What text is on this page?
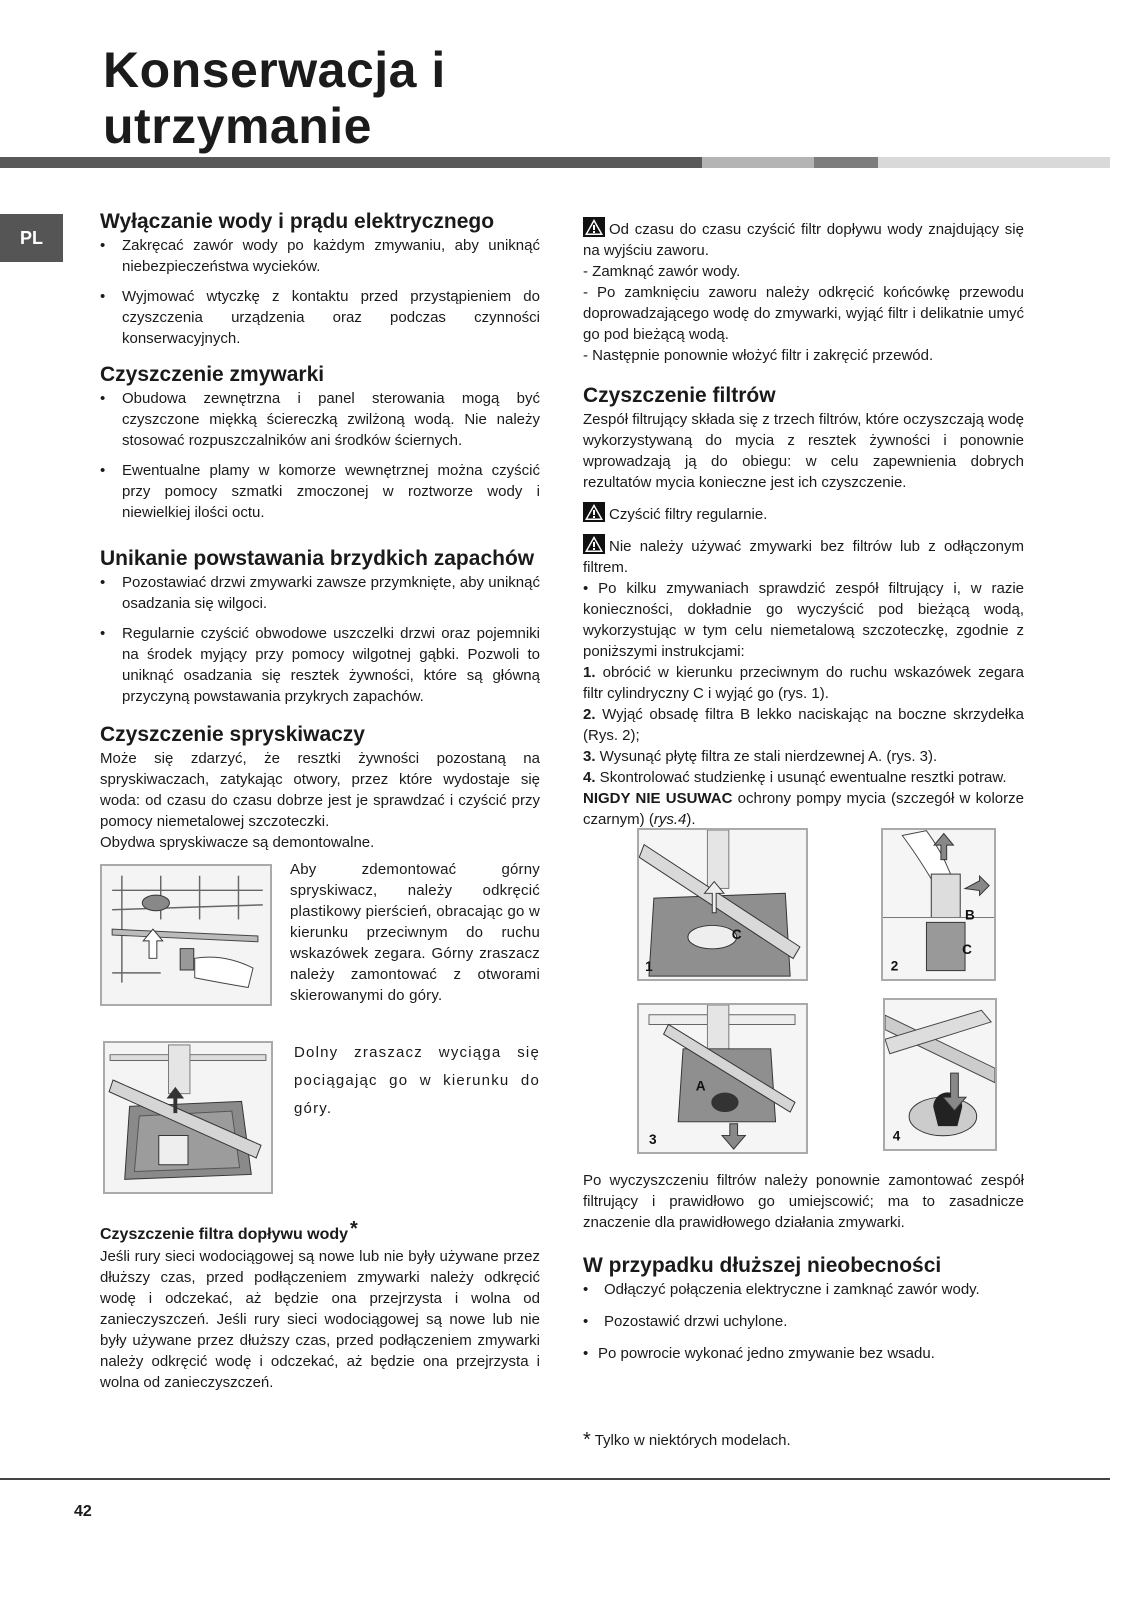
Konserwacja i
utrzymanie
PL
Wyłączanie wody i prądu elektrycznego

• Zakręcać zawór wody po każdym zmywaniu, aby uniknąć niebezpieczeństwa wycieków.

• Wyjmować wtyczkę z kontaktu przed przystąpieniem do czyszczenia urządzenia oraz podczas czynności konserwacyjnych.

Czyszczenie zmywarki

• Obudowa zewnętrzna i panel sterowania mogą być czyszczone miękką ściereczką zwilżoną wodą. Nie należy stosować rozpuszczalników ani środków ściernych.

• Ewentualne plamy w komorze wewnętrznej można czyścić przy pomocy szmatki zmoczonej w roztworze wody i niewielkiej ilości octu.

Unikanie powstawania brzydkich zapachów

• Pozostawiać drzwi zmywarki zawsze przymknięte, aby uniknąć osadzania się wilgoci.

• Regularnie czyścić obwodowe uszczelki drzwi oraz pojemniki na środek myjący przy pomocy wilgotnej gąbki. Pozwoli to uniknąć osadzania się resztek żywności, które są główną przyczyną powstawania przykrych zapachów.

Czyszczenie spryskiwaczy

Może się zdarzyć, że resztki żywności pozostaną na spryskiwaczach, zatykając otwory, przez które wydostaje się woda: od czasu do czasu dobrze jest je sprawdzać i czyścić przy pomocy niemetalowej szczoteczki.

Obydwa spryskiwacze są demontowalne.

Aby zdemontować górny spryskiwacz, należy odkręcić plastikowy pierścień, obracając go w kierunku przeciwnym do ruchu wskazówek zegara. Górny zraszacz należy zamontować z otworami skierowanymi do góry.

Dolny zraszacz wyciąga się pociągając go w kierunku do góry.

Czyszczenie filtra dopływu wody *

Jeśli rury sieci wodociągowej są nowe lub nie były używane przez dłuższy czas, przed podłączeniem zmywarki należy odkręcić wodę i odczekać, aż będzie ona przejrzysta i wolna od zanieczyszczeń. Jeśli rury sieci wodociągowej są nowe lub nie były używane przez dłuższy czas, przed podłączeniem zmywarki należy odkręcić wodę i odczekać, aż będzie ona przejrzysta i wolna od zanieczyszczeń.

Od czasu do czasu czyścić filtr dopływu wody znajdujący się na wyjściu zaworu.

- Zamknąć zawór wody.

- Po zamknięciu zaworu należy odkręcić końcówkę przewodu doprowadzającego wodę do zmywarki, wyjąć filtr i delikatnie umyć go pod bieżącą wodą.

- Następnie ponownie włożyć filtr i zakręcić przewód.

Czyszczenie filtrów

Zespół filtrujący składa się z trzech filtrów, które oczyszczają wodę wykorzystywaną do mycia z resztek żywności i ponownie wprowadzają ją do obiegu: w celu zapewnienia dobrych rezultatów mycia konieczne jest ich czyszczenie.

Czyścić filtry regularnie.

Nie należy używać zmywarki bez filtrów lub z odłączonym filtrem.

• Po kilku zmywaniach sprawdzić zespół filtrujący i, w razie konieczności, dokładnie go wyczyścić pod bieżącą wodą, wykorzystując w tym celu niemetalową szczoteczkę, zgodnie z poniższymi instrukcjami:

1. obrócić w kierunku przeciwnym do ruchu wskazówek zegara filtr cylindryczny C i wyjąć go (rys. 1).

2. Wyjąć obsadę filtra B lekko naciskając na boczne skrzydełka (Rys. 2);

3. Wysunąć płytę filtra ze stali nierdzewnej A. (rys. 3).

4. Skontrolować studzienkę i usunąć ewentualne resztki potraw.
NIGDY NIE USUWAC ochrony pompy mycia (szczegół w kolorze czarnym) (rys.4).

C
1
B
C
2
A
3	4

Po wyczyszczeniu filtrów należy ponownie zamontować zespół filtrujący i prawidłowo go umiejscowić; ma to zasadnicze znaczenie dla prawidłowego działania zmywarki.

W przypadku dłuższej nieobecności

• Odłączyć połączenia elektryczne i zamknąć zawór wody.

• Pozostawić drzwi uchylone.

• Po powrocie wykonać jedno zmywanie bez wsadu.

* Tylko w niektórych modelach.

42
